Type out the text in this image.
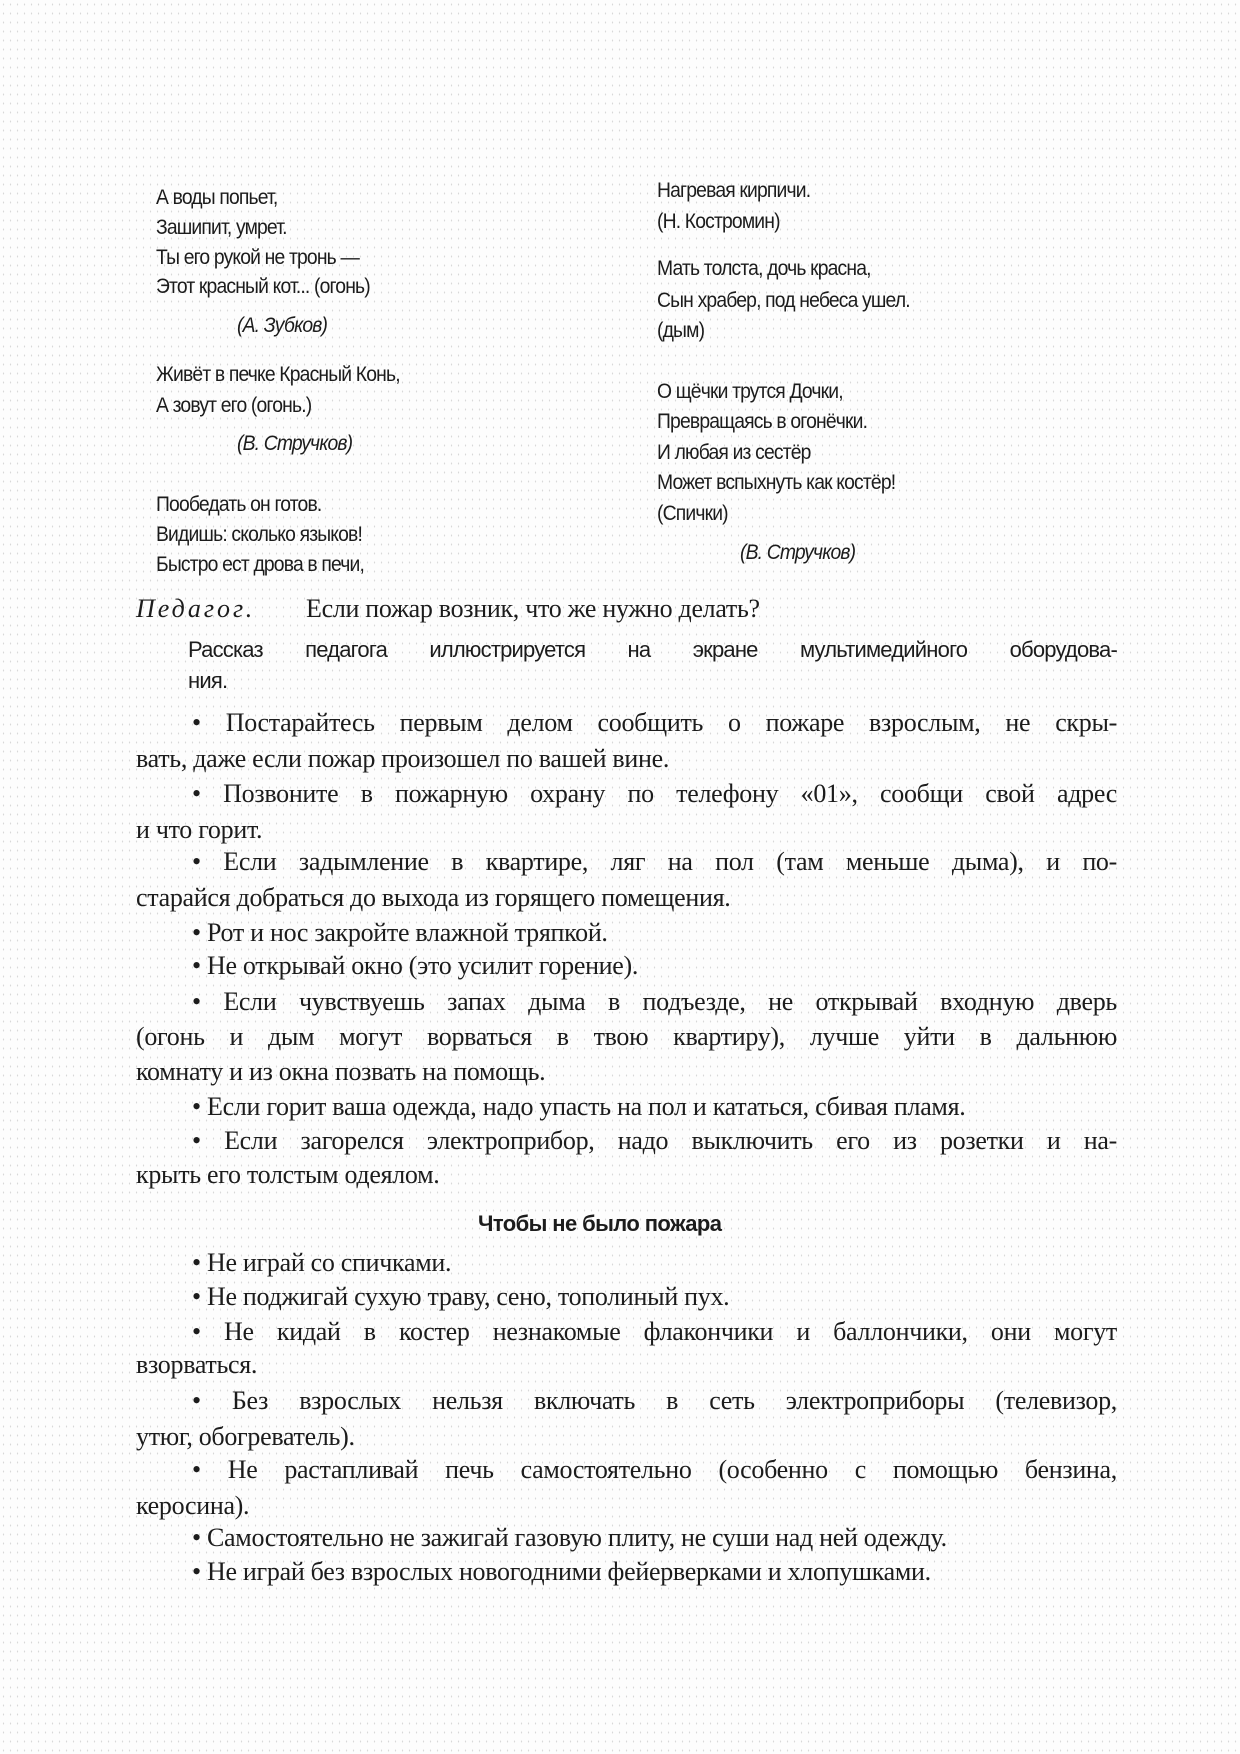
А воды попьет,
Зашипит, умрет.
Ты его рукой не тронь —
Этот красный кот... (огонь)
(А. Зубков)
Живёт в печке Красный Конь,
А зовут его (огонь.)
(В. Стручков)
Пообедать он готов.
Видишь: сколько языков!
Быстро ест дрова в печи,
Нагревая кирпичи.
(Н. Костромин)
Мать толста, дочь красна,
Сын храбер, под небеса ушел.
(дым)
О щёчки трутся Дочки,
Превращаясь в огонёчки.
И любая из сестёр
Может вспыхнуть как костёр!
(Спички)
(В. Стручков)
Педагог. Если пожар возник, что же нужно делать?
Рассказ педагога иллюстрируется на экране мультимедийного оборудова-
ния.
• Постарайтесь первым делом сообщить о пожаре взрослым, не скры-
вать, даже если пожар произошел по вашей вине.
• Позвоните в пожарную охрану по телефону «01», сообщи свой адрес
и что горит.
• Если задымление в квартире, ляг на пол (там меньше дыма), и по-
старайся добраться до выхода из горящего помещения.
• Рот и нос закройте влажной тряпкой.
• Не открывай окно (это усилит горение).
• Если чувствуешь запах дыма в подъезде, не открывай входную дверь
(огонь и дым могут ворваться в твою квартиру), лучше уйти в дальнюю
комнату и из окна позвать на помощь.
• Если горит ваша одежда, надо упасть на пол и кататься, сбивая пламя.
• Если загорелся электроприбор, надо выключить его из розетки и на-
крыть его толстым одеялом.
Чтобы не было пожара
• Не играй со спичками.
• Не поджигай сухую траву, сено, тополиный пух.
• Не кидай в костер незнакомые флакончики и баллончики, они могут
взорваться.
• Без взрослых нельзя включать в сеть электроприборы (телевизор,
утюг, обогреватель).
• Не растапливай печь самостоятельно (особенно с помощью бензина,
керосина).
• Самостоятельно не зажигай газовую плиту, не суши над ней одежду.
• Не играй без взрослых новогодними фейерверками и хлопушками.
